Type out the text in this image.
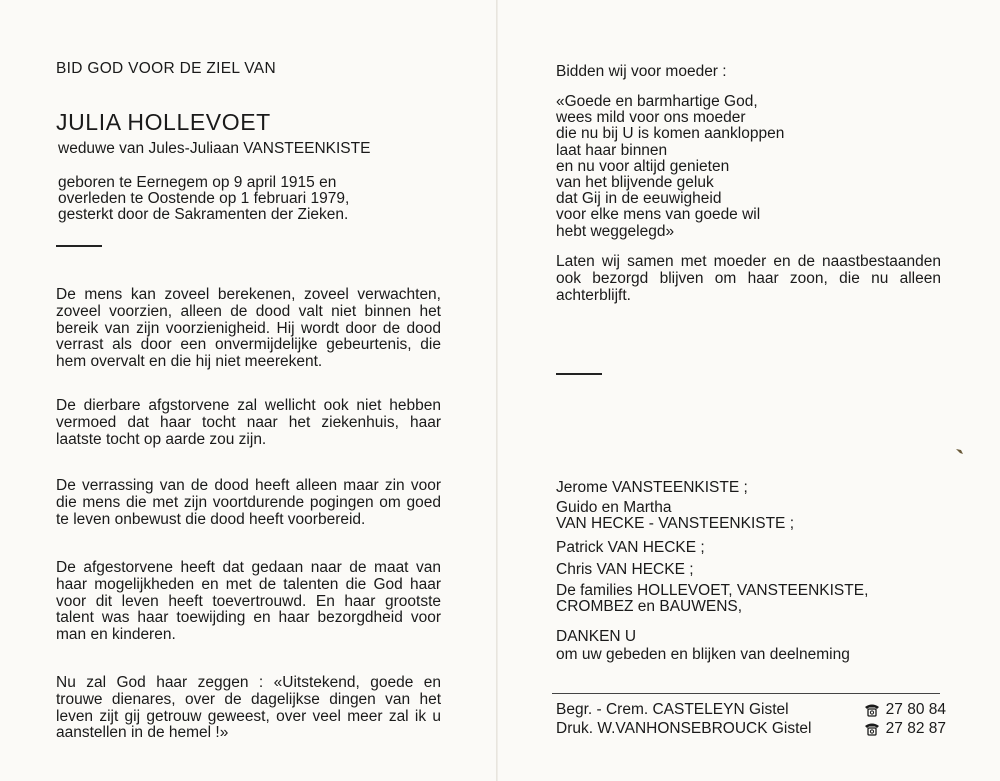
BID GOD VOOR DE ZIEL VAN
JULIA HOLLEVOET
weduwe van Jules-Juliaan VANSTEENKISTE
geboren te Eernegem op 9 april 1915 en
overleden te Oostende op 1 februari 1979,
gesterkt door de Sakramenten der Zieken.
De mens kan zoveel berekenen, zoveel verwachten, zoveel voorzien, alleen de dood valt niet binnen het bereik van zijn voorzienigheid. Hij wordt door de dood verrast als door een onvermijdelijke gebeurtenis, die hem overvalt en die hij niet meerekent.
De dierbare afgstorvene zal wellicht ook niet hebben vermoed dat haar tocht naar het ziekenhuis, haar laatste tocht op aarde zou zijn.
De verrassing van de dood heeft alleen maar zin voor die mens die met zijn voortdurende pogingen om goed te leven onbewust die dood heeft voorbereid.
De afgestorvene heeft dat gedaan naar de maat van haar mogelijkheden en met de talenten die God haar voor dit leven heeft toevertrouwd. En haar grootste talent was haar toewijding en haar bezorgdheid voor man en kinderen.
Nu zal God haar zeggen : «Uitstekend, goede en trouwe dienares, over de dagelijkse dingen van het leven zijt gij getrouw geweest, over veel meer zal ik u aanstellen in de hemel !»
Bidden wij voor moeder :
«Goede en barmhartige God,
wees mild voor ons moeder
die nu bij U is komen aankloppen
laat haar binnen
en nu voor altijd genieten
van het blijvende geluk
dat Gij in de eeuwigheid
voor elke mens van goede wil
hebt weggelegd»
Laten wij samen met moeder en de naastbestaanden ook bezorgd blijven om haar zoon, die nu alleen achterblijft.
Jerome VANSTEENKISTE ;
Guido en Martha
VAN HECKE - VANSTEENKISTE ;
Patrick VAN HECKE ;
Chris VAN HECKE ;
De families HOLLEVOET, VANSTEENKISTE,
CROMBEZ en BAUWENS,
DANKEN U
om uw gebeden en blijken van deelneming
Begr. - Crem. CASTELEYN Gistel	27 80 84
Druk. W.VANHONSEBROUCK Gistel	27 82 87
